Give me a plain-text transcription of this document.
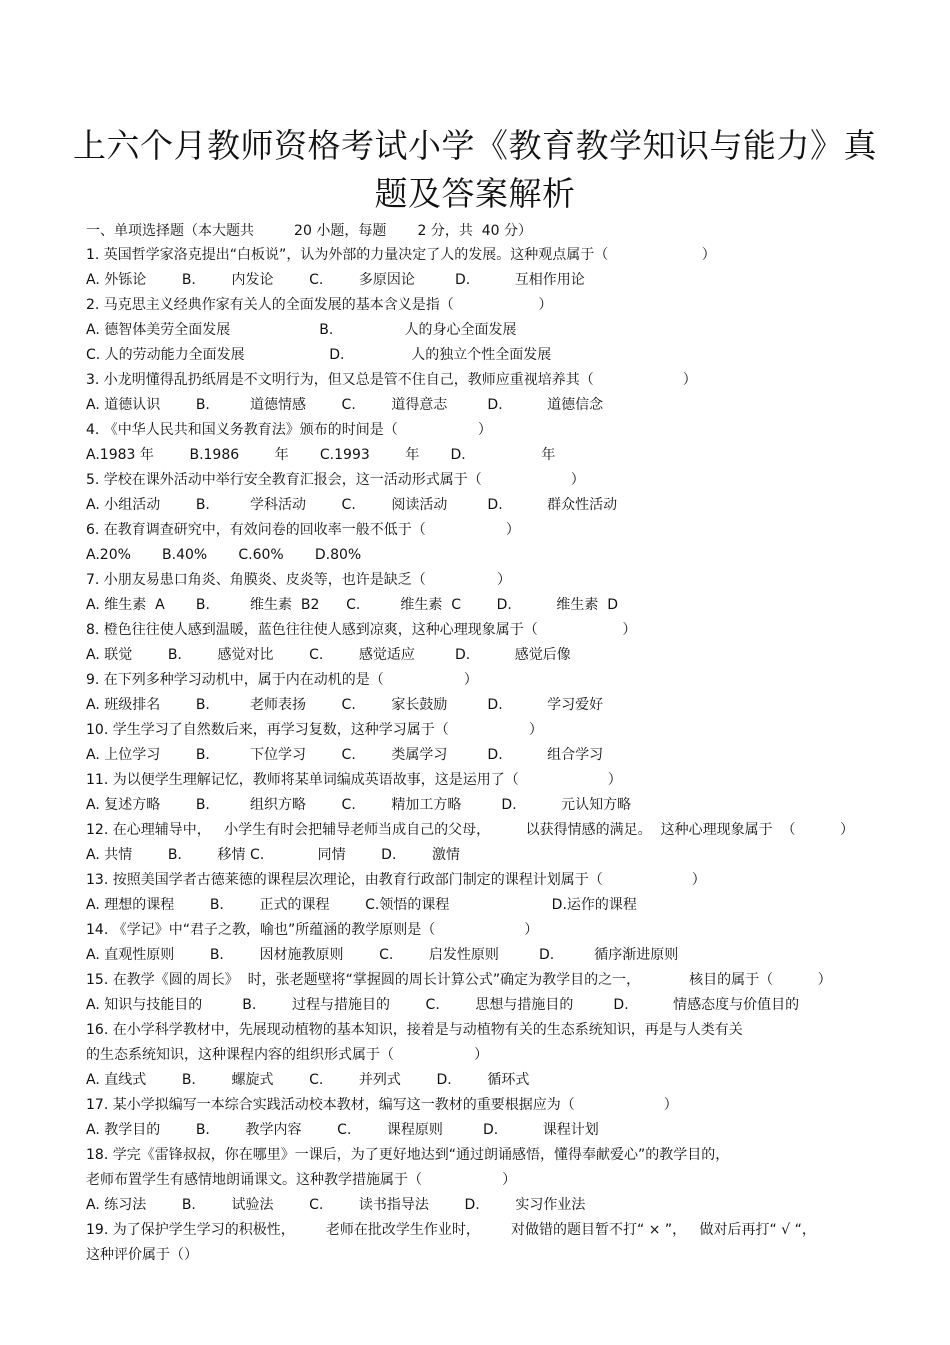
上六个月教师资格考试小学《教育教学知识与能力》真
题及答案解析
一、单项选择题（本大题共         20 小题，每题       2 分，共  40 分）
1. 英国哲学家洛克提出“白板说”，认为外部的力量决定了人的发展。这种观点属于（                     ）
A. 外铄论        B.        内发论        C.        多原因论         D.          互相作用论
2. 马克思主义经典作家有关人的全面发展的基本含义是指（                   ）
A. 德智体美劳全面发展                    B.                人的身心全面发展
C. 人的劳动能力全面发展                   D.               人的独立个性全面发展
3. 小龙明懂得乱扔纸屑是不文明行为，但又总是管不住自己，教师应重视培养其（                    ）
A. 道德认识        B.         道德情感        C.        道得意志         D.          道德信念
4. 《中华人民共和国义务教育法》颁布的时间是（                  ）
A.1983 年        B.1986        年       C.1993        年       D.                 年
5. 学校在课外活动中举行安全教育汇报会，这一活动形式属于（                    ）
A. 小组活动        B.         学科活动        C.        阅读活动         D.          群众性活动
6. 在教育调查研究中，有效问卷的回收率一般不低于（                  ）
A.20%       B.40%       C.60%       D.80%
7. 小朋友易患口角炎、角膜炎、皮炎等，也许是缺乏（                ）
A. 维生素  A       B.         维生素  B2      C.         维生素  C        D.          维生素  D
8. 橙色往往使人感到温暖，蓝色往往使人感到凉爽，这种心理现象属于（                   ）
A. 联觉        B.        感觉对比        C.        感觉适应         D.          感觉后像
9. 在下列多种学习动机中，属于内在动机的是（                  ）
A. 班级排名        B.         老师表扬        C.        家长鼓励         D.          学习爱好
10. 学生学习了自然数后来，再学习复数，这种学习属于（                  ）
A. 上位学习        B.         下位学习        C.        类属学习         D.          组合学习
11. 为以便学生理解记忆，教师将某单词编成英语故事，这是运用了（                    ）
A. 复述方略        B.         组织方略        C.        精加工方略         D.          元认知方略
12. 在心理辅导中，   小学生有时会把辅导老师当成自己的父母，        以获得情感的满足。  这种心理现象属于  （          ）
A. 共情        B.        移情 C.            同情        D.        激情
13. 按照美国学者古德莱德的课程层次理论，由教育行政部门制定的课程计划属于（                    ）
A. 理想的课程        B.        正式的课程        C.领悟的课程                       D.运作的课程
14. 《学记》中“君子之教，喻也”所蕴涵的教学原则是（                    ）
A. 直观性原则        B.        因材施教原则        C.        启发性原则         D.         循序渐进原则
15. 在教学《圆的周长》  时，张老题壁将“掌握圆的周长计算公式”确定为教学目的之一，           核目的属于（          ）
A. 知识与技能目的         B.        过程与措施目的        C.        思想与措施目的         D.          情感态度与价值目的
16. 在小学科学教材中，先展现动植物的基本知识，接着是与动植物有关的生态系统知识，再是与人类有关
的生态系统知识，这种课程内容的组织形式属于（                  ）
A. 直线式        B.        螺旋式        C.        并列式        D.        循环式
17. 某小学拟编写一本综合实践活动校本教材，编写这一教材的重要根据应为（                    ）
A. 教学目的        B.        教学内容        C.        课程原则         D.          课程计划
18. 学完《雷锋叔叔，你在哪里》一课后，为了更好地达到“通过朗诵感悟，懂得奉献爱心”的教学目的，
老师布置学生有感情地朗诵课文。这种教学措施属于（                  ）
A. 练习法        B.        试验法        C.        读书指导法        D.        实习作业法
19. 为了保护学生学习的积极性，       老师在批改学生作业时，       对做错的题目暂不打“ × ”，   做对后再打“ √ “，
这种评价属于（）
